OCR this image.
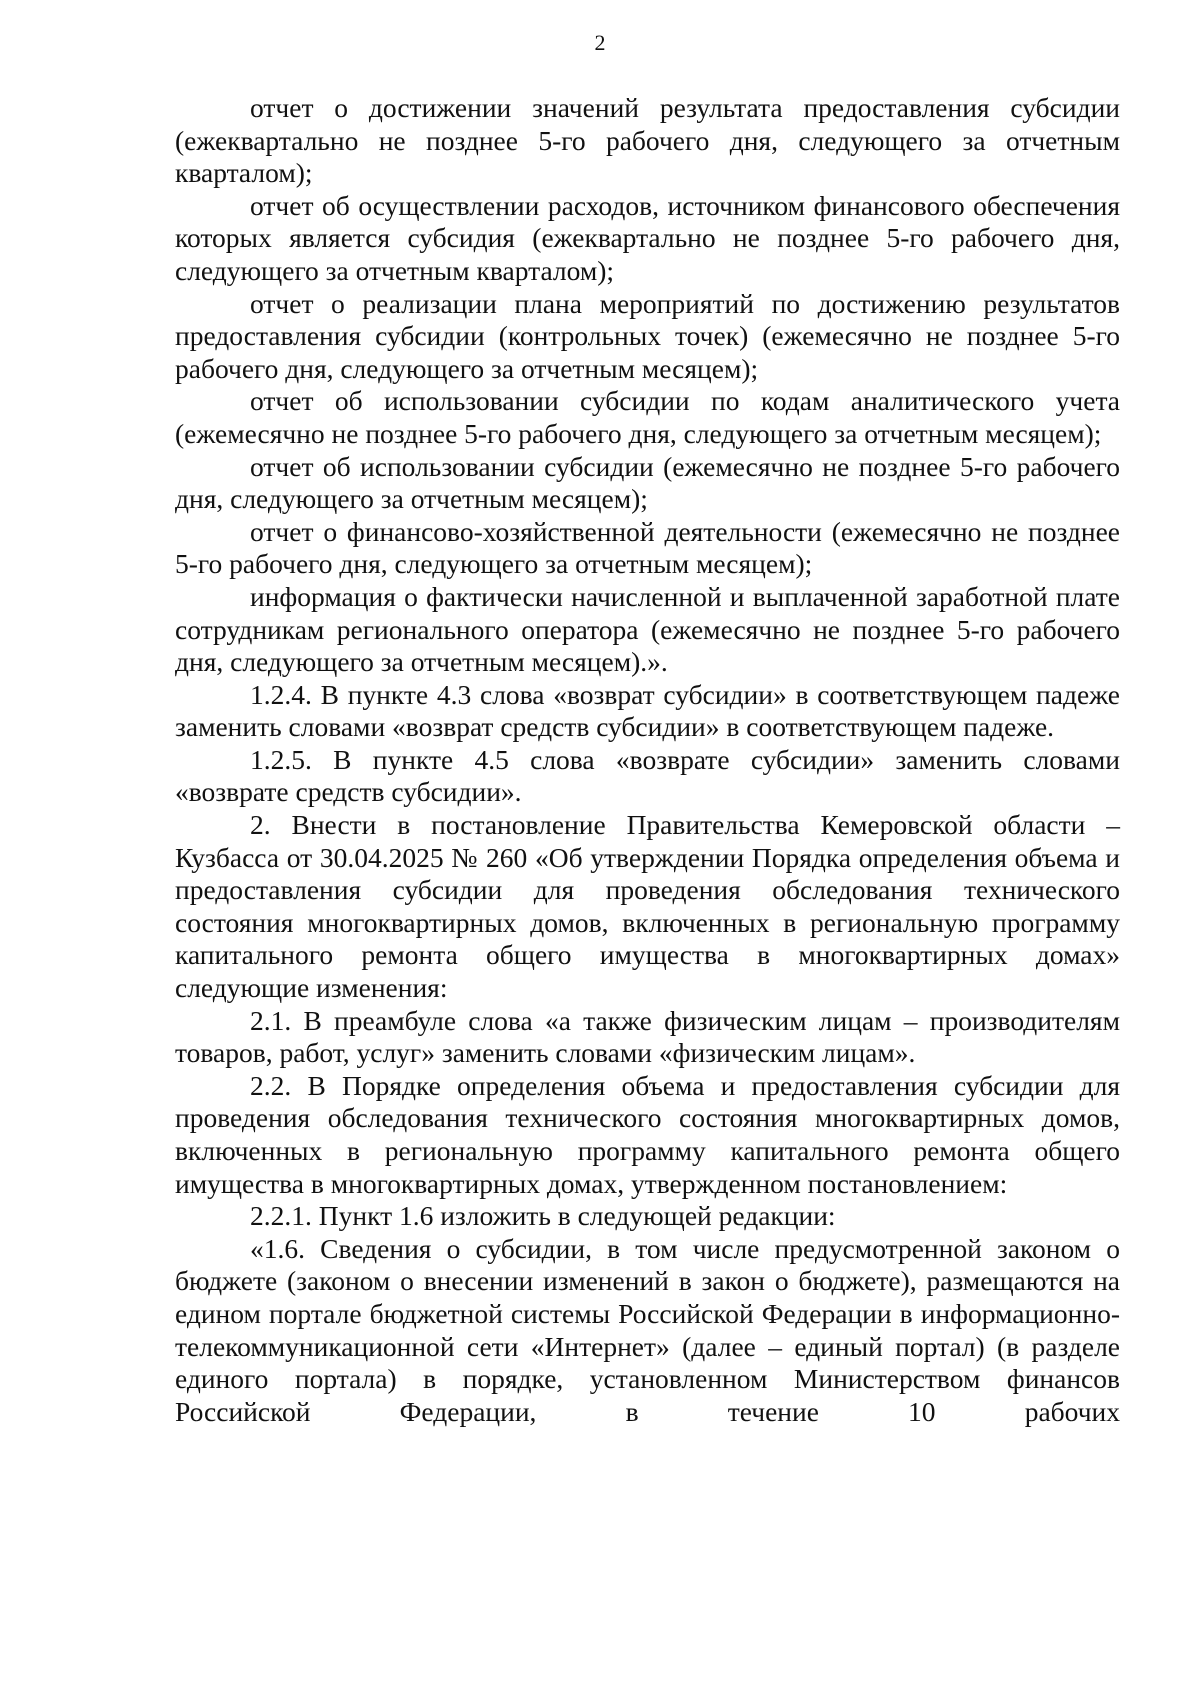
2

отчет о достижении значений результата предоставления субсидии (ежеквартально не позднее 5-го рабочего дня, следующего за отчетным кварталом);

отчет об осуществлении расходов, источником финансового обеспечения которых является субсидия (ежеквартально не позднее 5-го рабочего дня, следующего за отчетным кварталом);

отчет о реализации плана мероприятий по достижению результатов предоставления субсидии (контрольных точек) (ежемесячно не позднее 5-го рабочего дня, следующего за отчетным месяцем);

отчет об использовании субсидии по кодам аналитического учета (ежемесячно не позднее 5-го рабочего дня, следующего за отчетным месяцем);

отчет об использовании субсидии (ежемесячно не позднее 5-го рабочего дня, следующего за отчетным месяцем);

отчет о финансово-хозяйственной деятельности (ежемесячно не позднее 5-го рабочего дня, следующего за отчетным месяцем);

информация о фактически начисленной и выплаченной заработной плате сотрудникам регионального оператора (ежемесячно не позднее 5-го рабочего дня, следующего за отчетным месяцем).».

1.2.4. В пункте 4.3 слова «возврат субсидии» в соответствующем падеже заменить словами «возврат средств субсидии» в соответствующем падеже.

1.2.5. В пункте 4.5 слова «возврате субсидии» заменить словами «возврате средств субсидии».

2. Внести в постановление Правительства Кемеровской области – Кузбасса от 30.04.2025 № 260 «Об утверждении Порядка определения объема и предоставления субсидии для проведения обследования технического состояния многоквартирных домов, включенных в региональную программу капитального ремонта общего имущества в многоквартирных домах» следующие изменения:

2.1. В преамбуле слова «а также физическим лицам – производителям товаров, работ, услуг» заменить словами «физическим лицам».

2.2. В Порядке определения объема и предоставления субсидии для проведения обследования технического состояния многоквартирных домов, включенных в региональную программу капитального ремонта общего имущества в многоквартирных домах, утвержденном постановлением:

2.2.1. Пункт 1.6 изложить в следующей редакции:

«1.6. Сведения о субсидии, в том числе предусмотренной законом о бюджете (законом о внесении изменений в закон о бюджете), размещаются на едином портале бюджетной системы Российской Федерации в информационно-телекоммуникационной сети «Интернет» (далее – единый портал) (в разделе единого портала) в порядке, установленном Министерством финансов Российской Федерации, в течение 10 рабочих
